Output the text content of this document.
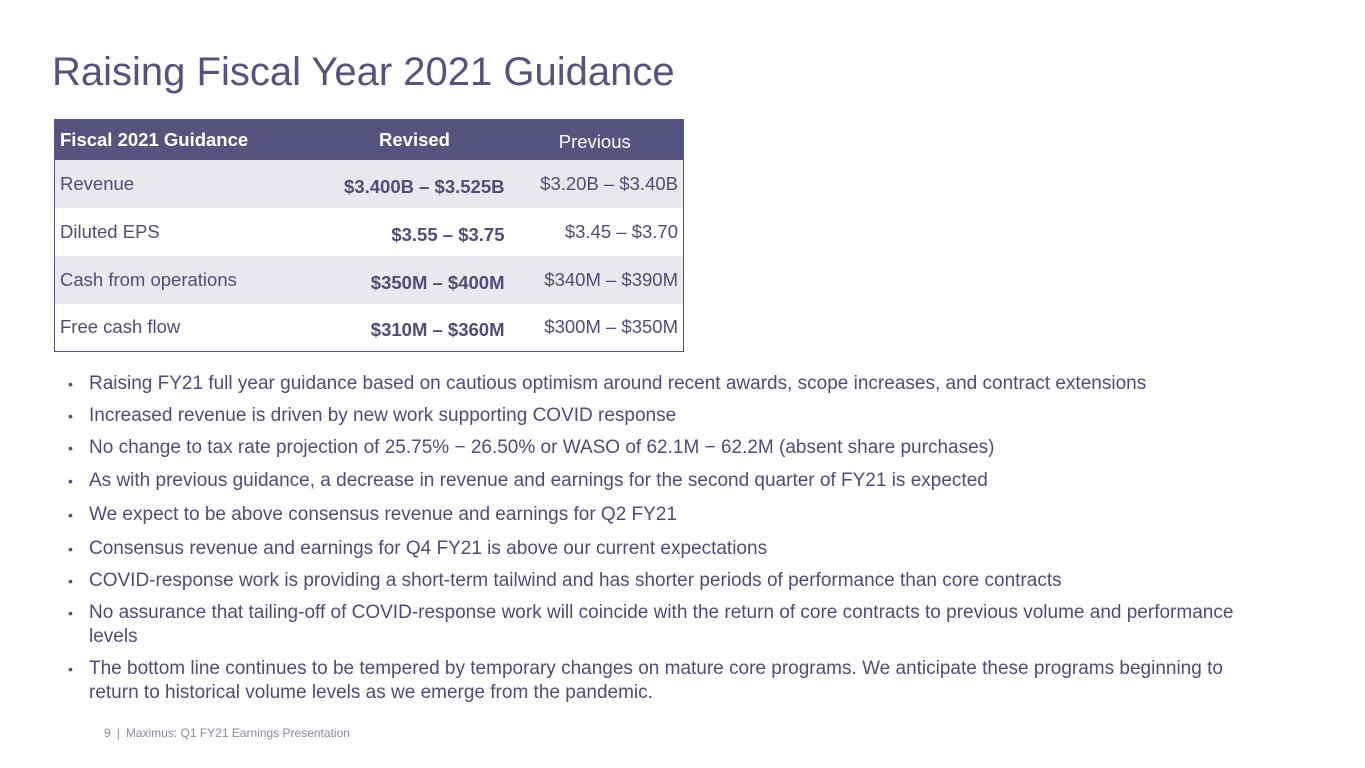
Raising Fiscal Year 2021 Guidance
Fiscal 2021 Guidance	Revised	Previous
Revenue	$3.400B – $3.525B	$3.20B – $3.40B
Diluted EPS	$3.55 – $3.75	$3.45 – $3.70
Cash from operations	$350M – $400M	$340M – $390M
Free cash flow	$310M – $360M	$300M – $350M
• Raising FY21 full year guidance based on cautious optimism around recent awards, scope increases, and contract extensions
• Increased revenue is driven by new work supporting COVID response
• No change to tax rate projection of 25.75% − 26.50% or WASO of 62.1M − 62.2M (absent share purchases)
• As with previous guidance, a decrease in revenue and earnings for the second quarter of FY21 is expected
• We expect to be above consensus revenue and earnings for Q2 FY21
• Consensus revenue and earnings for Q4 FY21 is above our current expectations
• COVID-response work is providing a short-term tailwind and has shorter periods of performance than core contracts
• No assurance that tailing-off of COVID-response work will coincide with the return of core contracts to previous volume and performance levels
• The bottom line continues to be tempered by temporary changes on mature core programs. We anticipate these programs beginning to return to historical volume levels as we emerge from the pandemic.
9 | Maximus: Q1 FY21 Earnings Presentation
